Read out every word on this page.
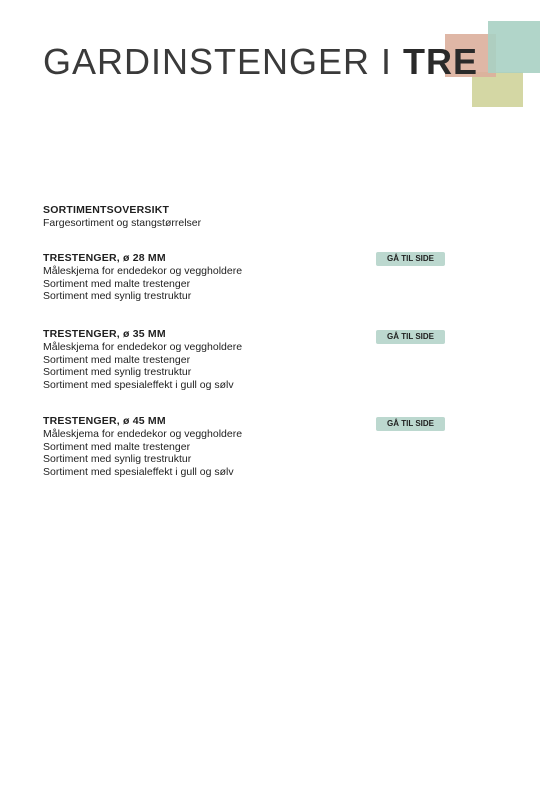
GARDINSTENGER I TRE
SORTIMENTSOVERSIKT
Fargesortiment og stangstørrelser
TRESTENGER, ø 28 MM	GÅ TIL SIDE
Måleskjema for endedekor og veggholdere
Sortiment med malte trestenger
Sortiment med synlig trestruktur
TRESTENGER, ø 35 MM	GÅ TIL SIDE
Måleskjema for endedekor og veggholdere
Sortiment med malte trestenger
Sortiment med synlig trestruktur
Sortiment med spesialeffekt i gull og sølv
TRESTENGER, ø 45 MM	GÅ TIL SIDE
Måleskjema for endedekor og veggholdere
Sortiment med malte trestenger
Sortiment med synlig trestruktur
Sortiment med spesialeffekt i gull og sølv
